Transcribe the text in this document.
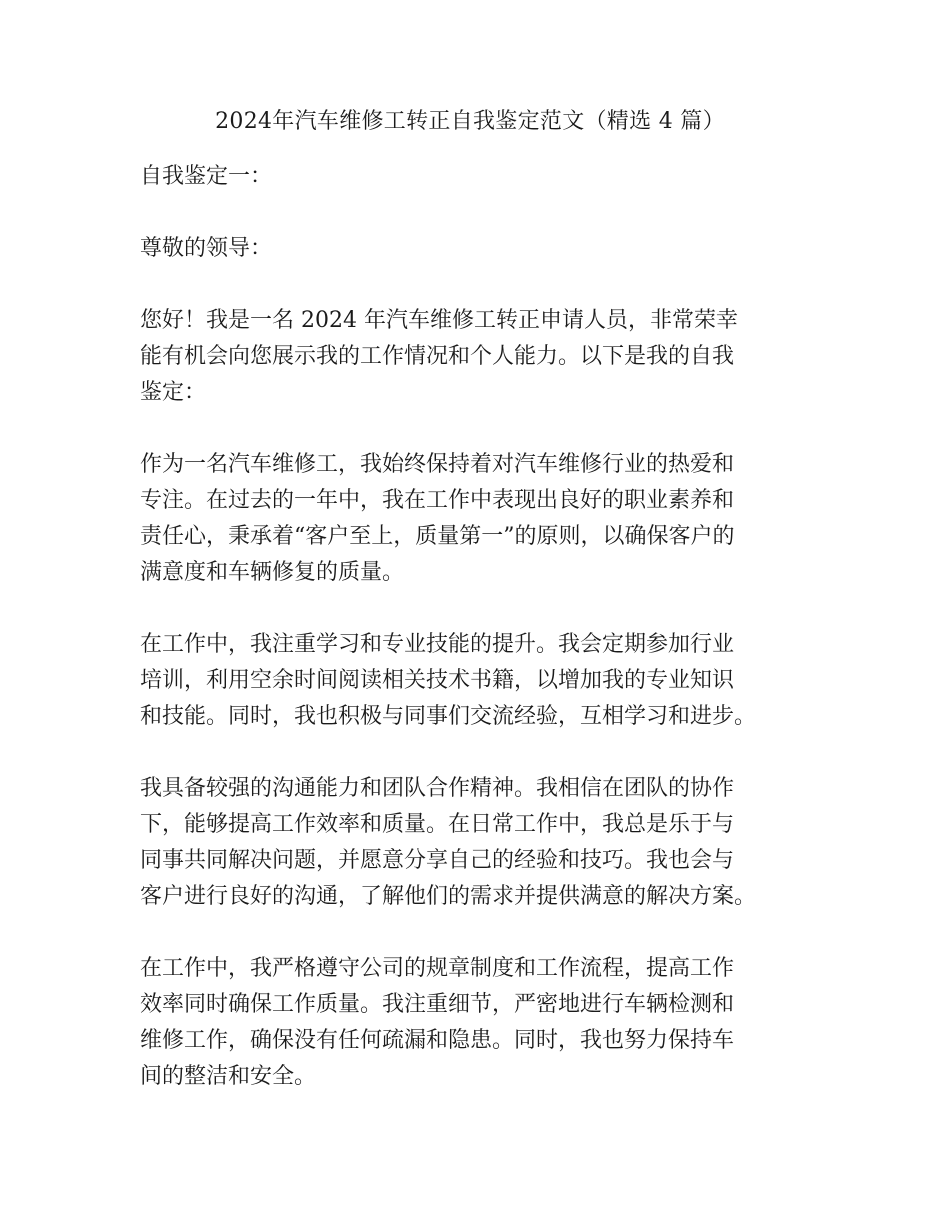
2024年汽车维修工转正自我鉴定范文（精选 4 篇）
自我鉴定一：
尊敬的领导：
您好！我是一名 2024 年汽车维修工转正申请人员，非常荣幸
能有机会向您展示我的工作情况和个人能力。以下是我的自我
鉴定：
作为一名汽车维修工，我始终保持着对汽车维修行业的热爱和
专注。在过去的一年中，我在工作中表现出良好的职业素养和
责任心，秉承着“客户至上，质量第一”的原则，以确保客户的
满意度和车辆修复的质量。
在工作中，我注重学习和专业技能的提升。我会定期参加行业
培训，利用空余时间阅读相关技术书籍，以增加我的专业知识
和技能。同时，我也积极与同事们交流经验，互相学习和进步。
我具备较强的沟通能力和团队合作精神。我相信在团队的协作
下，能够提高工作效率和质量。在日常工作中，我总是乐于与
同事共同解决问题，并愿意分享自己的经验和技巧。我也会与
客户进行良好的沟通，了解他们的需求并提供满意的解决方案。
在工作中，我严格遵守公司的规章制度和工作流程，提高工作
效率同时确保工作质量。我注重细节，严密地进行车辆检测和
维修工作，确保没有任何疏漏和隐患。同时，我也努力保持车
间的整洁和安全。
